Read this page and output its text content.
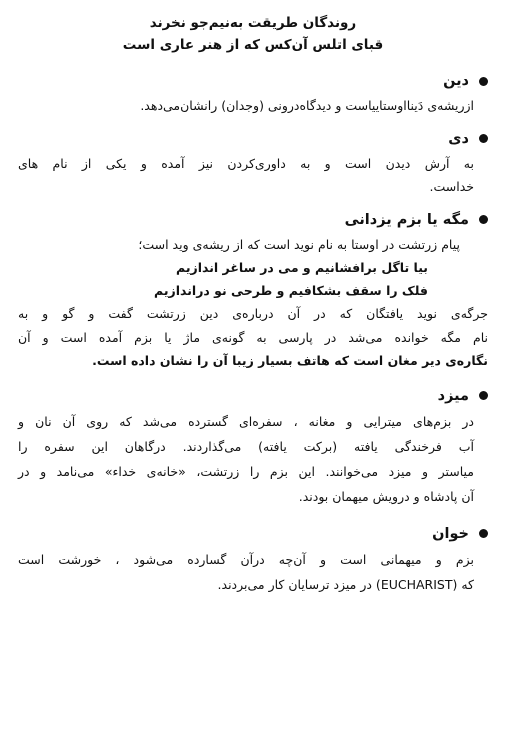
روندگان طریقت به‌نیم‌جو نخرند

قبای اتلس آن‌کس که از هنر عاری است

دین

ازریشه‌ی دَینااوستاییاست و دیدگاه‌درونی (وجدان) رانشان‌می‌دهد.

دی

به آرش دیدن است و به داوری‌کردن نیز آمده و یکی از نام های
خداست.

مگه یا بزم یزدانی

پیام زرتشت در اوستا به نام نوید است که از ریشه‌ی وید است؛

بیا تاگل برافشانیم و می در ساغر اندازیم
فلک را سقف بشکافیم و طرحی نو دراندازیم

جرگه‌ی نوید یافتگان که در آن درباره‌ی دین زرتشت گفت و گو و به
نام مگه خوانده می‌شد در پارسی به گونه‌ی ماژ یا بزم آمده است و آن
نگاره‌ی دیر مغان است که هاتف بسیار زیبا آن را نشان داده است.

میزد

در بزم‌های میترایی و مغانه ، سفره‌ای گسترده می‌شد که روی آن نان و
آب فرخندگی یافته (برکت یافته) می‌گذاردند. درگاهان این سفره را
میاستر و میزد می‌خوانند. این بزم را زرتشت، «خانه‌ی خداء» می‌نامد و در
آن پادشاه و درویش میهمان بودند.

خوان

بزم و میهمانی است و آن‌چه درآن گسارده می‌شود ، خورشت است
که (EUCHARIST) در میزد ترسایان کار می‌بردند.
